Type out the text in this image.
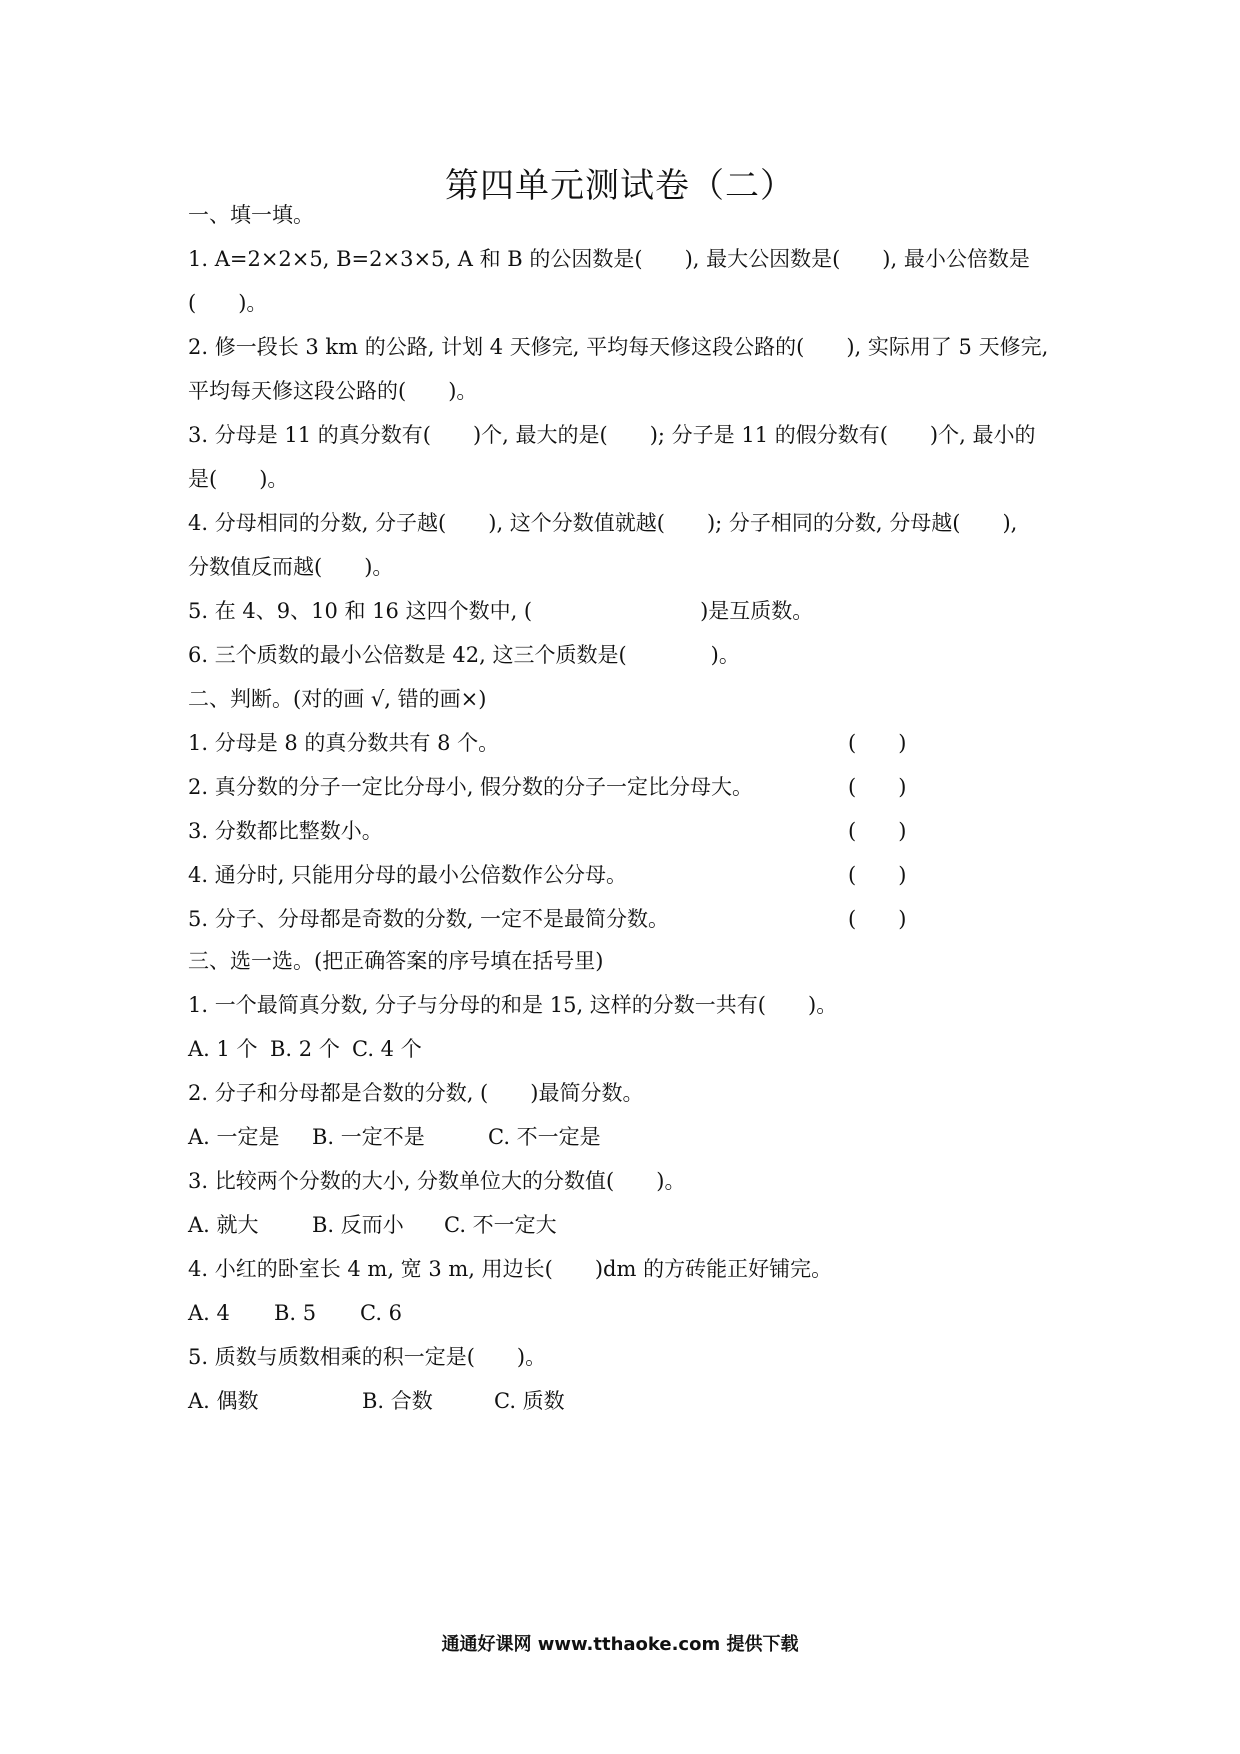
第四单元测试卷（二）
一、填一填。
1. A=2×2×5, B=2×3×5, A 和 B 的公因数是(　　), 最大公因数是(　　), 最小公倍数是
(　　)。
2. 修一段长 3 km 的公路, 计划 4 天修完, 平均每天修这段公路的(　　), 实际用了 5 天修完,
平均每天修这段公路的(　　)。
3. 分母是 11 的真分数有(　　)个, 最大的是(　　); 分子是 11 的假分数有(　　)个, 最小的
是(　　)。
4. 分母相同的分数, 分子越(　　), 这个分数值就越(　　); 分子相同的分数, 分母越(　　),
分数值反而越(　　)。
5. 在 4、9、10 和 16 这四个数中, (　　　　　　　　)是互质数。
6. 三个质数的最小公倍数是 42, 这三个质数是(　　　　)。
二、判断。(对的画 √, 错的画×)
1. 分母是 8 的真分数共有 8 个。	(　　)
2. 真分数的分子一定比分母小, 假分数的分子一定比分母大。	(　　)
3. 分数都比整数小。	(　　)
4. 通分时, 只能用分母的最小公倍数作公分母。	(　　)
5. 分子、分母都是奇数的分数, 一定不是最简分数。	(　　)
三、选一选。(把正确答案的序号填在括号里)
1. 一个最简真分数, 分子与分母的和是 15, 这样的分数一共有(　　)。
A. 1 个 B. 2 个 C. 4 个
2. 分子和分母都是合数的分数, (　　)最简分数。
A. 一定是 B. 一定不是	C. 不一定是
3. 比较两个分数的大小, 分数单位大的分数值(　　)。
A. 就大	B. 反而小 C. 不一定大
4. 小红的卧室长 4 m, 宽 3 m, 用边长(　　)dm 的方砖能正好铺完。
A. 4 B. 5 C. 6
5. 质数与质数相乘的积一定是(　　)。
A. 偶数	B. 合数	C. 质数
通通好课网 www.tthaoke.com 提供下载
